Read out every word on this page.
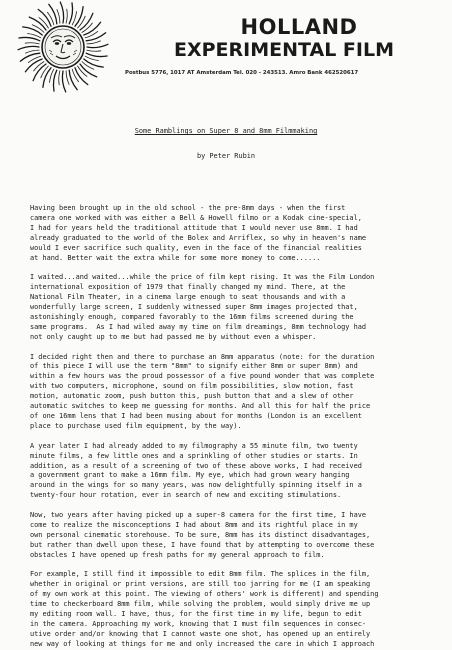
HOLLAND
EXPERIMENTAL FILM
Postbus 5776, 1017 AT Amsterdam Tel. 020 - 243513. Amro Bank 462520617
Some Ramblings on Super 8 and 8mm Filmmaking
by Peter Rubin

Having been brought up in the old school - the pre-8mm days - when the first
camera one worked with was either a Bell & Howell filmo or a Kodak cine-special,
I had for years held the traditional attitude that I would never use 8mm. I had
already graduated to the world of the Bolex and Arriflex, so why in heaven's name
would I ever sacrifice such quality, even in the face of the financial realities
at hand. Better wait the extra while for some more money to come......

I waited...and waited...while the price of film kept rising. It was the Film London
international exposition of 1979 that finally changed my mind. There, at the
National Film Theater, in a cinema large enough to seat thousands and with a
wonderfully large screen, I suddenly witnessed super 8mm images projected that,
astonishingly enough, compared favorably to the 16mm films screened during the
same programs.  As I had wiled away my time on film dreamings, 8mm technology had
not only caught up to me but had passed me by without even a whisper.

I decided right then and there to purchase an 8mm apparatus (note: for the duration
of this piece I will use the term "8mm" to signify either 8mm or super 8mm) and
within a few hours was the proud possessor of a five pound wonder that was complete
with two computers, microphone, sound on film possibilities, slow motion, fast
motion, automatic zoom, push button this, push button that and a slew of other
automatic switches to keep me guessing for months. And all this for half the price
of one 16mm lens that I had been musing about for months (London is an excellent
place to purchase used film equipment, by the way).

A year later I had already added to my filmography a 55 minute film, two twenty
minute films, a few little ones and a sprinkling of other studies or starts. In
addition, as a result of a screening of two of these above works, I had received
a government grant to make a 16mm film. My eye, which had grown weary hanging
around in the wings for so many years, was now delightfully spinning itself in a
twenty-four hour rotation, ever in search of new and exciting stimulations.

Now, two years after having picked up a super-8 camera for the first time, I have
come to realize the misconceptions I had about 8mm and its rightful place in my
own personal cinematic storehouse. To be sure, 8mm has its distinct disadvantages,
but rather than dwell upon these, I have found that by attempting to overcome these
obstacles I have opened up fresh paths for my general approach to film.

For example, I still find it impossible to edit 8mm film. The splices in the film,
whether in original or print versions, are still too jarring for me (I am speaking
of my own work at this point. The viewing of others' work is different) and spending
time to checkerboard 8mm film, while solving the problem, would simply drive me up
my editing room wall. I have, thus, for the first time in my life, begun to edit
in the camera. Approaching my work, knowing that I must film sequences in consec-
utive order and/or knowing that I cannot waste one shot, has opened up an entirely
new way of looking at things for me and only increased the care in which I approach
